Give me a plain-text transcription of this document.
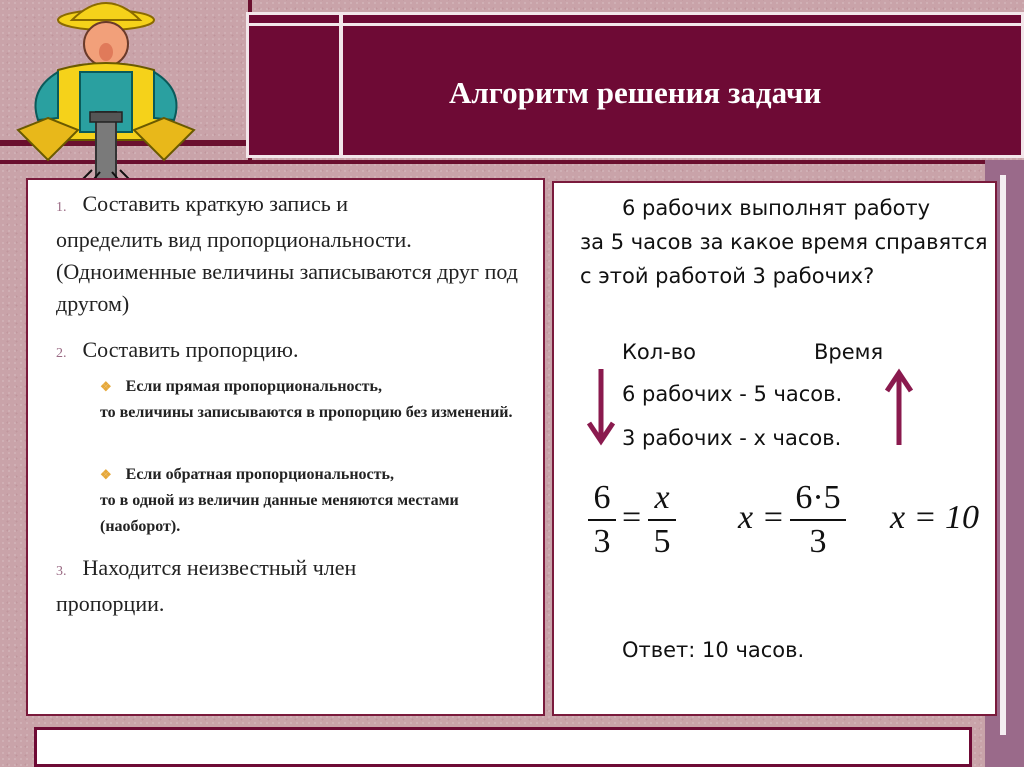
Алгоритм решения задачи
1. Составить краткую запись и
определить вид пропорциональности. (Одноименные величины записываются друг под другом)
2. Составить пропорцию.
❖ Если прямая пропорциональность,
то величины записываются в пропорцию без изменений.
❖ Если обратная пропорциональность,
то в одной из величин данные меняются местами (наоборот).
3. Находится неизвестный член
пропорции.
6 рабочих выполнят работу
за 5 часов за какое время справятся с этой работой 3 рабочих?
Кол-во	Время
6 рабочих - 5 часов.
3 рабочих - х часов.
6
3
=
x
5
x =
6·5
3
x = 10
Ответ: 10 часов.
